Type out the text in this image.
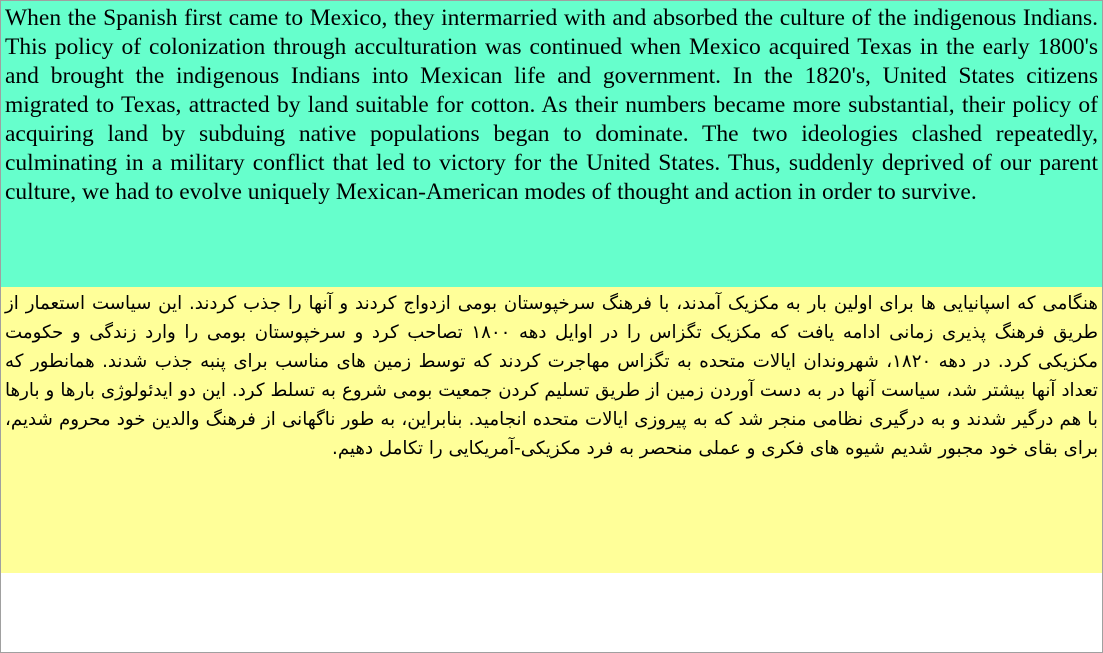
When the Spanish first came to Mexico, they intermarried with and absorbed the culture of the indigenous Indians. This policy of colonization through acculturation was continued when Mexico acquired Texas in the early 1800's and brought the indigenous Indians into Mexican life and government. In the 1820's, United States citizens migrated to Texas, attracted by land suitable for cotton. As their numbers became more substantial, their policy of acquiring land by subduing native populations began to dominate. The two ideologies clashed repeatedly, culminating in a military conflict that led to victory for the United States. Thus, suddenly deprived of our parent culture, we had to evolve uniquely Mexican-American modes of thought and action in order to survive.

هنگامی که اسپانیایی ها برای اولین بار به مکزیک آمدند، با فرهنگ سرخپوستان بومی ازدواج کردند و آنها را جذب کردند. این سیاست استعمار از طریق فرهنگ پذیری زمانی ادامه یافت که مکزیک تگزاس را در اوایل دهه ۱۸۰۰ تصاحب کرد و سرخپوستان بومی را وارد زندگی و حکومت مکزیکی کرد. در دهه ۱۸۲۰، شهروندان ایالات متحده به تگزاس مهاجرت کردند که توسط زمین های مناسب برای پنبه جذب شدند. همانطور که تعداد آنها بیشتر شد، سیاست آنها در به دست آوردن زمین از طریق تسلیم کردن جمعیت بومی شروع به تسلط کرد. این دو ایدئولوژی بارها و بارها با هم درگیر شدند و به درگیری نظامی منجر شد که به پیروزی ایالات متحده انجامید. بنابراین، به طور ناگهانی از فرهنگ والدین خود محروم شدیم، برای بقای خود مجبور شدیم شیوه های فکری و عملی منحصر به فرد مکزیکی-آمریکایی را تکامل دهیم.
